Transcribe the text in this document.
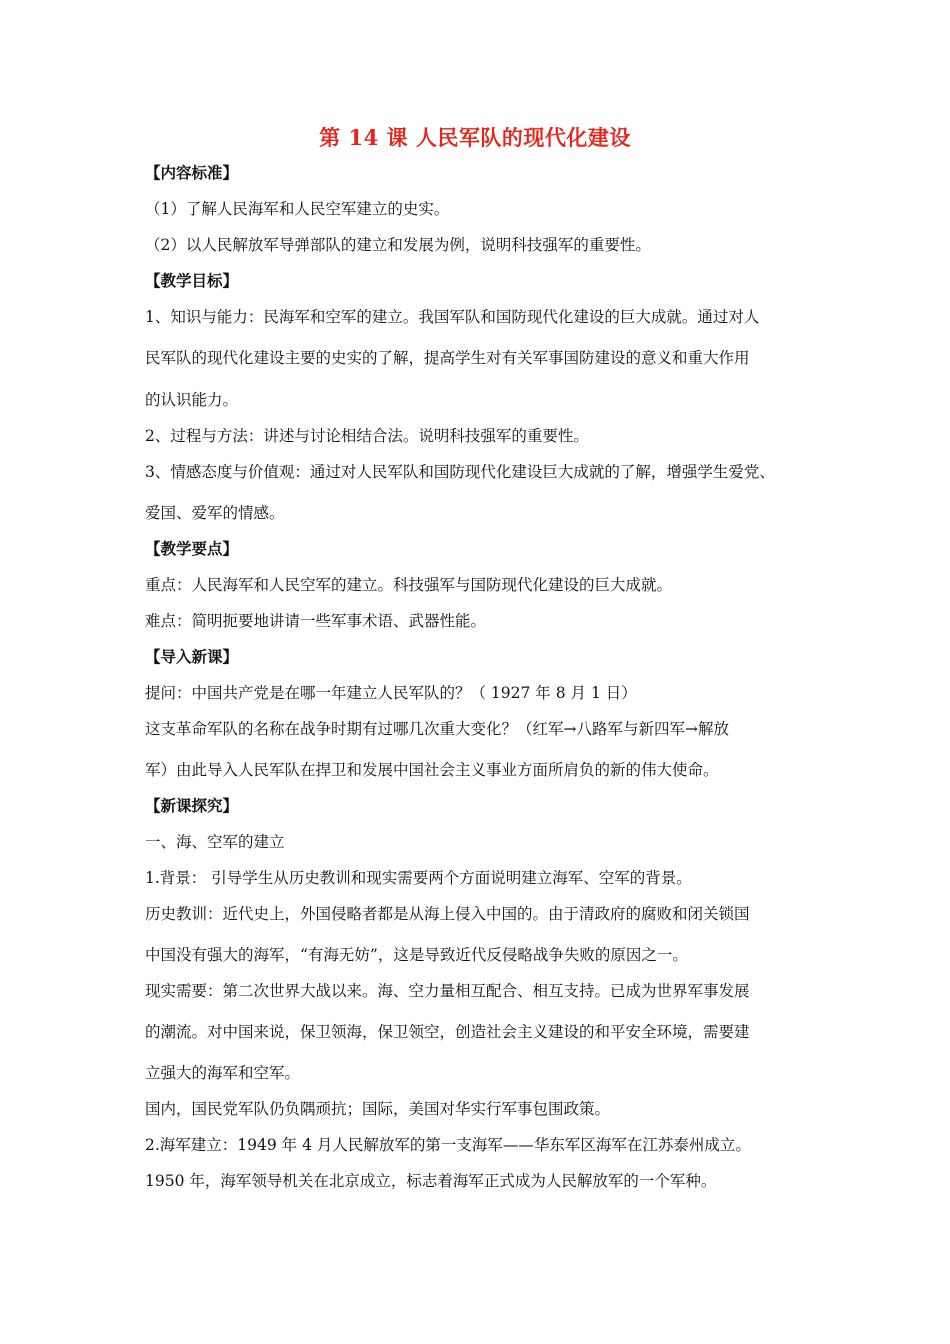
第 14 课 人民军队的现代化建设
【内容标准】
（1）了解人民海军和人民空军建立的史实。
（2）以人民解放军导弹部队的建立和发展为例，说明科技强军的重要性。
【教学目标】
1、知识与能力：民海军和空军的建立。我国军队和国防现代化建设的巨大成就。通过对人
民军队的现代化建设主要的史实的了解，提高学生对有关军事国防建设的意义和重大作用
的认识能力。
2、过程与方法：讲述与讨论相结合法。说明科技强军的重要性。
3、情感态度与价值观：通过对人民军队和国防现代化建设巨大成就的了解，增强学生爱党、
爱国、爱军的情感。
【教学要点】
重点：人民海军和人民空军的建立。科技强军与国防现代化建设的巨大成就。
难点：简明扼要地讲请一些军事术语、武器性能。
【导入新课】
提问：中国共产党是在哪一年建立人民军队的？（ 1927 年 8 月 1 日）
这支革命军队的名称在战争时期有过哪几次重大变化？（红军→八路军与新四军→解放
军）由此导入人民军队在捍卫和发展中国社会主义事业方面所肩负的新的伟大使命。
【新课探究】
一、海、空军的建立
1.背景： 引导学生从历史教训和现实需要两个方面说明建立海军、空军的背景。
历史教训：近代史上，外国侵略者都是从海上侵入中国的。由于清政府的腐败和闭关锁国
中国没有强大的海军，“有海无妨”，这是导致近代反侵略战争失败的原因之一。
现实需要：第二次世界大战以来。海、空力量相互配合、相互支持。已成为世界军事发展
的潮流。对中国来说，保卫领海，保卫领空，创造社会主义建设的和平安全环境，需要建
立强大的海军和空军。
国内，国民党军队仍负隅顽抗；国际，美国对华实行军事包围政策。
2.海军建立：1949 年 4 月人民解放军的第一支海军——华东军区海军在江苏泰州成立。
1950 年，海军领导机关在北京成立，标志着海军正式成为人民解放军的一个军种。
